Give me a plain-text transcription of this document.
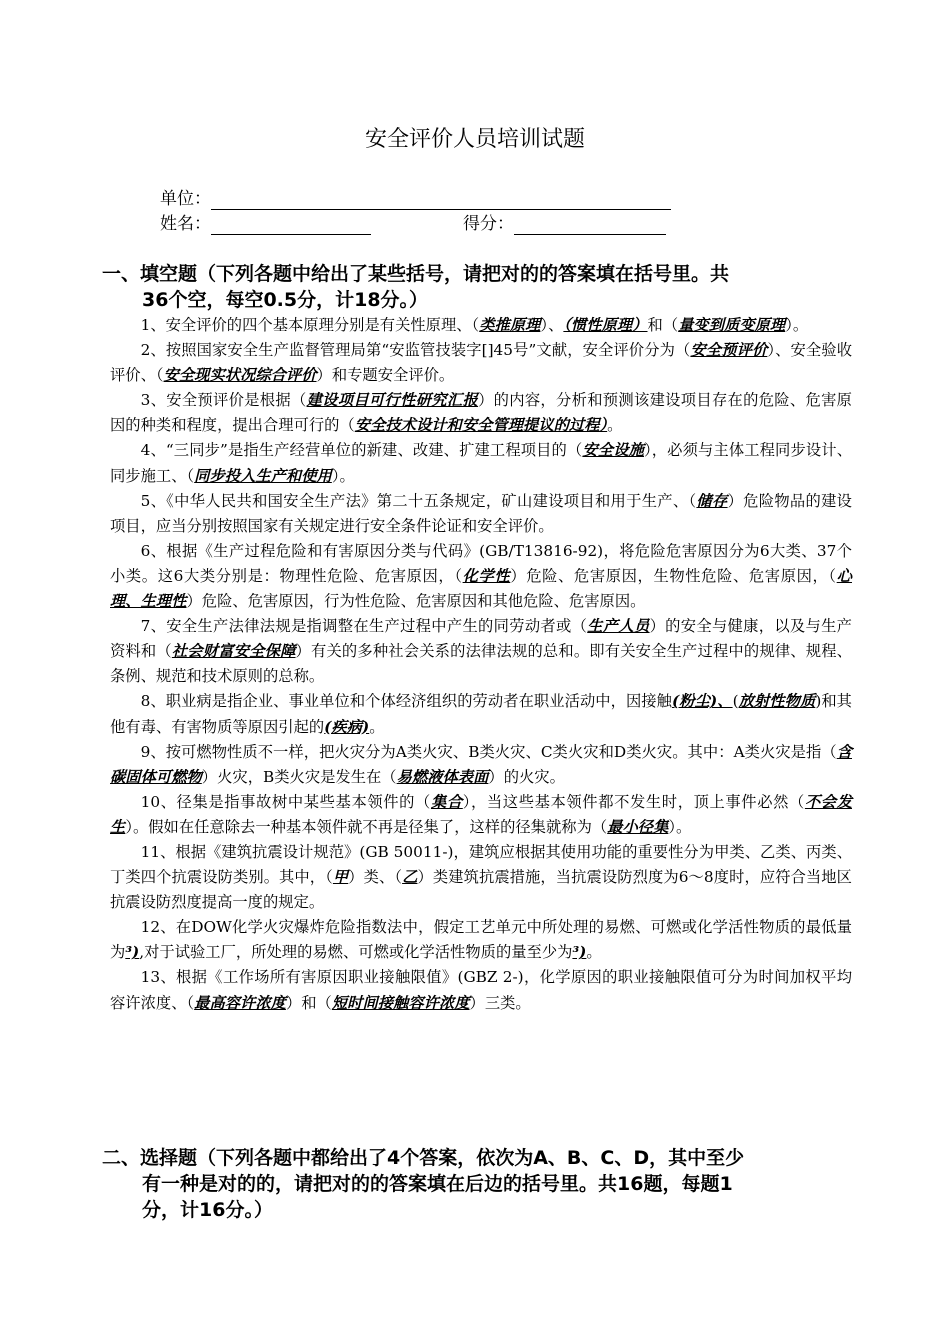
安全评价人员培训试题
单位：
姓名：	得分：
一、填空题（下列各题中给出了某些括号，请把对的的答案填在括号里。共
36个空，每空0.5分，计18分。）

1、安全评价的四个基本原理分别是有关性原理、（类推原理）、（惯性原理）和（量变到质变原理）。

2、按照国家安全生产监督管理局第“安监管技装字[]45号”文献，安全评价分为（安全预评价）、安全验收评价、（安全现实状况综合评价）和专题安全评价。

3、安全预评价是根据（建设项目可行性研究汇报）的内容，分析和预测该建设项目存在的危险、危害原因的种类和程度，提出合理可行的（安全技术设计和安全管理提议的过程）。

4、“三同步”是指生产经营单位的新建、改建、扩建工程项目的（安全设施），必须与主体工程同步设计、同步施工、（同步投入生产和使用）。

5、《中华人民共和国安全生产法》第二十五条规定，矿山建设项目和用于生产、（储存）危险物品的建设项目，应当分别按照国家有关规定进行安全条件论证和安全评价。

6、根据《生产过程危险和有害原因分类与代码》(GB/T13816-92)，将危险危害原因分为6大类、37个小类。这6大类分别是：物理性危险、危害原因，（化学性）危险、危害原因，生物性危险、危害原因，（心理、生理性）危险、危害原因，行为性危险、危害原因和其他危险、危害原因。

7、安全生产法律法规是指调整在生产过程中产生的同劳动者或（生产人员）的安全与健康，以及与生产资料和（社会财富安全保障）有关的多种社会关系的法律法规的总和。即有关安全生产过程中的规律、规程、条例、规范和技术原则的总称。

8、职业病是指企业、事业单位和个体经济组织的劳动者在职业活动中，因接触(粉尘)、(放射性物质)和其他有毒、有害物质等原因引起的(疾病)。

9、按可燃物性质不一样，把火灾分为A类火灾、B类火灾、C类火灾和D类火灾。其中：A类火灾是指（含碳固体可燃物）火灾，B类火灾是发生在（易燃液体表面）的火灾。

10、径集是指事故树中某些基本领件的（集合），当这些基本领件都不发生时，顶上事件必然（不会发生）。假如在任意除去一种基本领件就不再是径集了，这样的径集就称为（最小径集）。

11、根据《建筑抗震设计规范》(GB 50011-)，建筑应根据其使用功能的重要性分为甲类、乙类、丙类、丁类四个抗震设防类别。其中，（甲）类、（乙）类建筑抗震措施，当抗震设防烈度为6～8度时，应符合当地区抗震设防烈度提高一度的规定。

12、在DOW化学火灾爆炸危险指数法中，假定工艺单元中所处理的易燃、可燃或化学活性物质的最低量为³),对于试验工厂，所处理的易燃、可燃或化学活性物质的量至少为³)。

13、根据《工作场所有害原因职业接触限值》(GBZ 2-)，化学原因的职业接触限值可分为时间加权平均容许浓度、（最高容许浓度）和（短时间接触容许浓度）三类。

二、选择题（下列各题中都给出了4个答案，依次为A、B、C、D，其中至少
有一种是对的的，请把对的的答案填在后边的括号里。共16题，每题1
分，计16分。）
